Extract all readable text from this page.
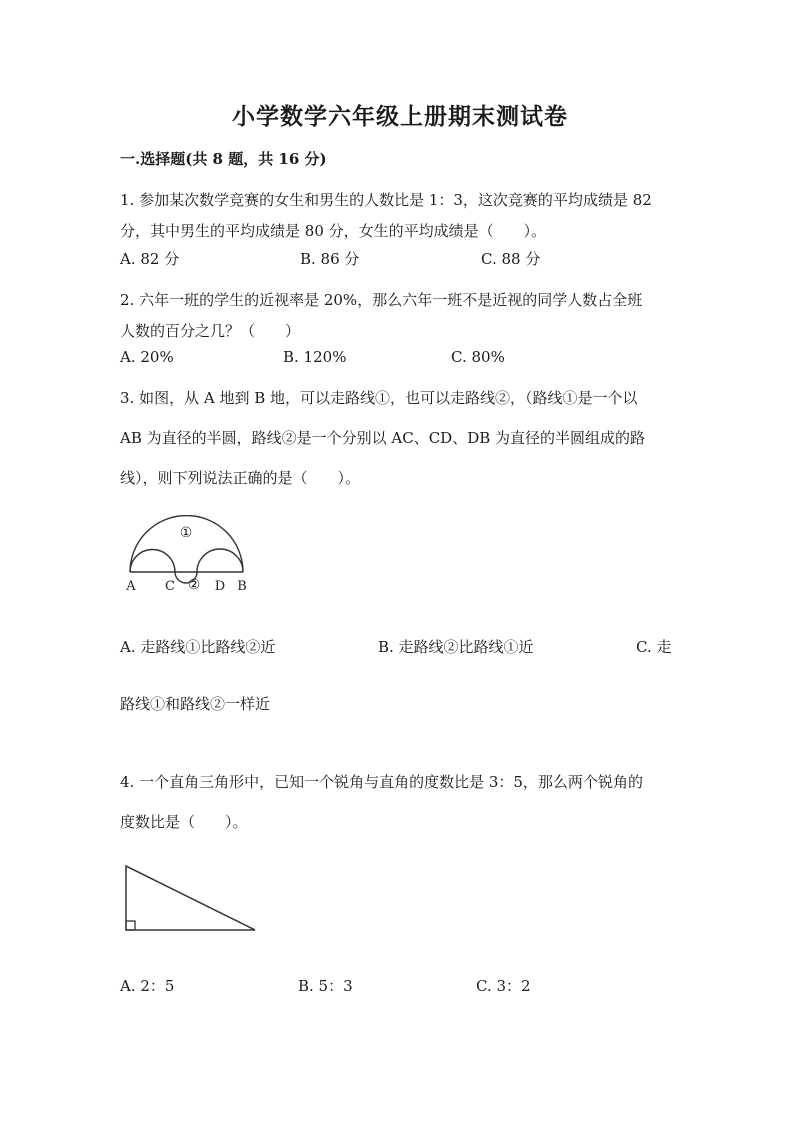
小学数学六年级上册期末测试卷
一.选择题(共 8 题，共 16 分)
1. 参加某次数学竞赛的女生和男生的人数比是 1：3，这次竞赛的平均成绩是 82
分，其中男生的平均成绩是 80 分，女生的平均成绩是（　　）。
A. 82 分	B. 86 分	C. 88 分
2. 六年一班的学生的近视率是 20%，那么六年一班不是近视的同学人数占全班
人数的百分之几？（　　）
A. 20%	B. 120%	C. 80%
3. 如图，从 A 地到 B 地，可以走路线①，也可以走路线②，（路线①是一个以
AB 为直径的半圆，路线②是一个分别以 AC、CD、DB 为直径的半圆组成的路
线），则下列说法正确的是（　　）。
①
②
A C	D B
A. 走路线①比路线②近	B. 走路线②比路线①近	C. 走
路线①和路线②一样近
4. 一个直角三角形中，已知一个锐角与直角的度数比是 3：5，那么两个锐角的
度数比是（　　）。
A. 2：5	B. 5：3	C. 3：2
